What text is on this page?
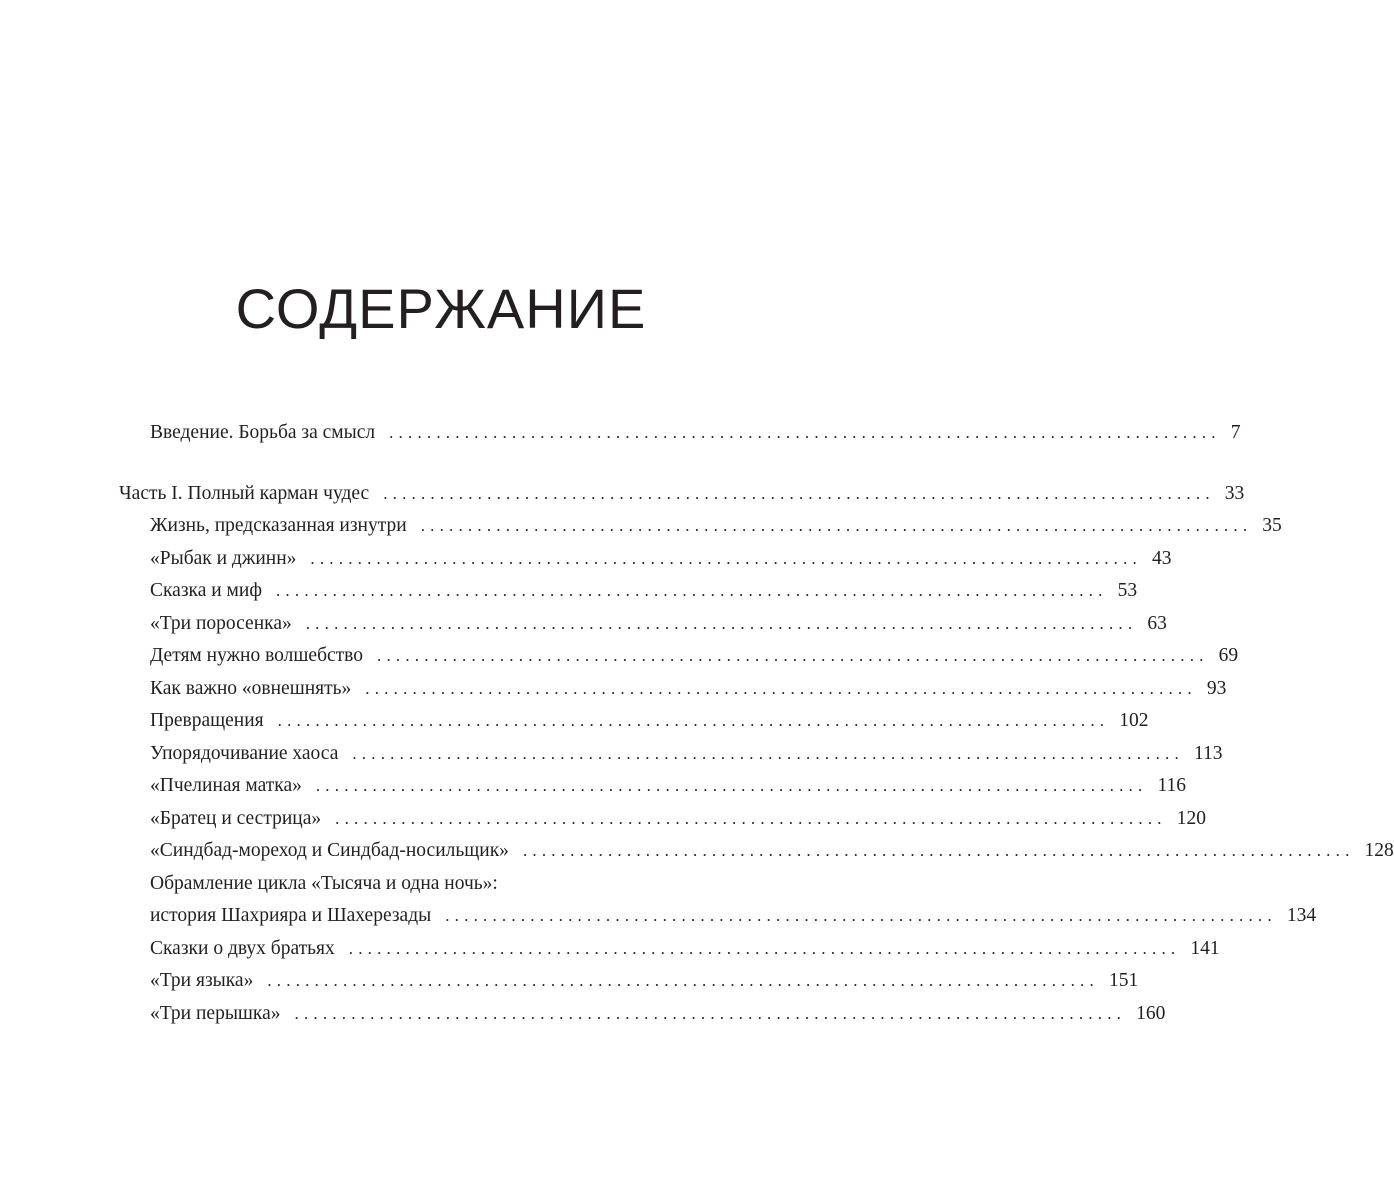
СОДЕРЖАНИЕ
Введение. Борьба за смысл ........................................................................................ 7
Часть I. Полный карман чудес ........................................................................................ 33
Жизнь, предсказанная изнутри ........................................................................................ 35
«Рыбак и джинн» ........................................................................................ 43
Сказка и миф ........................................................................................ 53
«Три поросенка» ........................................................................................ 63
Детям нужно волшебство ........................................................................................ 69
Как важно «овнешнять» ........................................................................................ 93
Превращения ........................................................................................ 102
Упорядочивание хаоса ........................................................................................ 113
«Пчелиная матка» ........................................................................................ 116
«Братец и сестрица» ........................................................................................ 120
«Синдбад-мореход и Синдбад-носильщик» ........................................................................................ 128
Обрамление цикла «Тысяча и одна ночь»:
история Шахрияра и Шахерезады ........................................................................................ 134
Сказки о двух братьях ........................................................................................ 141
«Три языка» ........................................................................................ 151
«Три перышка» ........................................................................................ 160
